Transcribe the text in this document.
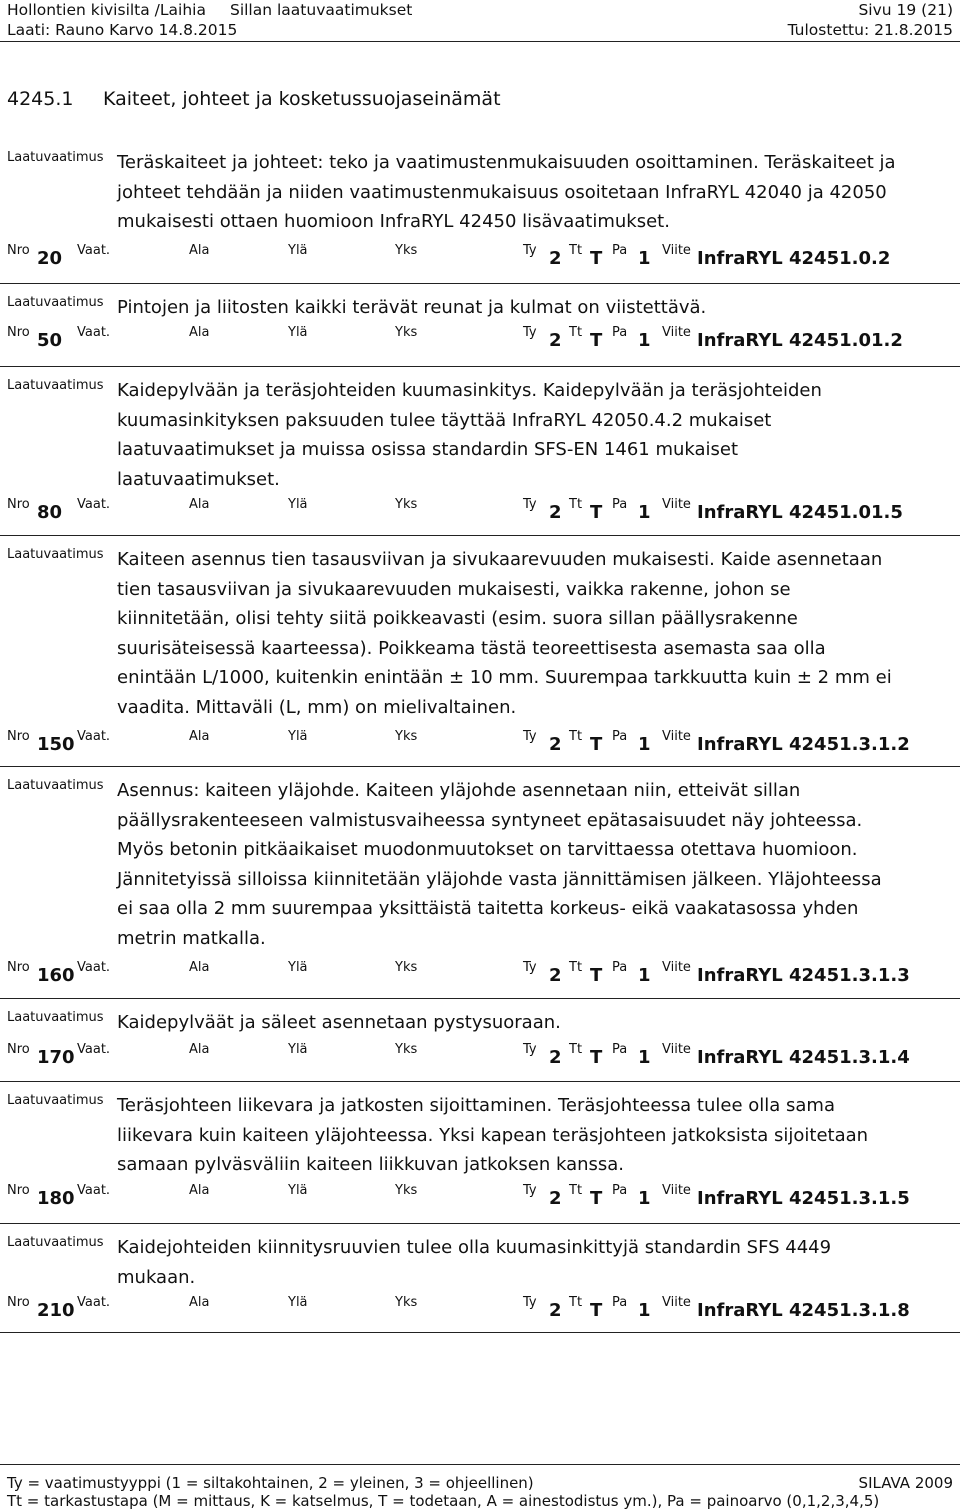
Hollontien kivisilta /Laihia Sillan laatuvaatimukset	Sivu 19 (21)
Laati: Rauno Karvo 14.8.2015	Tulostettu: 21.8.2015
4245.1 Kaiteet, johteet ja kosketussuojaseinämät
Laatuvaatimus Teräskaiteet ja johteet: teko ja vaatimustenmukaisuuden osoittaminen. Teräskaiteet ja
johteet tehdään ja niiden vaatimustenmukaisuus osoitetaan InfraRYL 42040 ja 42050
mukaisesti ottaen huomioon InfraRYL 42450 lisävaatimukset.
Nro 20 Vaat.	Ala	Ylä	Yks	Ty 2 Tt T Pa 1 Viite InfraRYL 42451.0.2
Laatuvaatimus Pintojen ja liitosten kaikki terävät reunat ja kulmat on viistettävä.
Nro 50 Vaat.	Ala	Ylä	Yks	Ty 2 Tt T Pa 1 Viite InfraRYL 42451.01.2
Laatuvaatimus Kaidepylvään ja teräsjohteiden kuumasinkitys. Kaidepylvään ja teräsjohteiden
kuumasinkityksen paksuuden tulee täyttää InfraRYL 42050.4.2 mukaiset
laatuvaatimukset ja muissa osissa standardin SFS-EN 1461 mukaiset
laatuvaatimukset.
Nro 80 Vaat.	Ala	Ylä	Yks	Ty 2 Tt T Pa 1 Viite InfraRYL 42451.01.5
Laatuvaatimus Kaiteen asennus tien tasausviivan ja sivukaarevuuden mukaisesti. Kaide asennetaan
tien tasausviivan ja sivukaarevuuden mukaisesti, vaikka rakenne, johon se
kiinnitetään, olisi tehty siitä poikkeavasti (esim. suora sillan päällysrakenne
suurisäteisessä kaarteessa). Poikkeama tästä teoreettisesta asemasta saa olla
enintään L/1000, kuitenkin enintään ± 10 mm. Suurempaa tarkkuutta kuin ± 2 mm ei
vaadita. Mittaväli (L, mm) on mielivaltainen.
Nro 150 Vaat.	Ala	Ylä	Yks	Ty 2 Tt T Pa 1 Viite InfraRYL 42451.3.1.2
Laatuvaatimus Asennus: kaiteen yläjohde. Kaiteen yläjohde asennetaan niin, etteivät sillan
päällysrakenteeseen valmistusvaiheessa syntyneet epätasaisuudet näy johteessa.
Myös betonin pitkäaikaiset muodonmuutokset on tarvittaessa otettava huomioon.
Jännitetyissä silloissa kiinnitetään yläjohde vasta jännittämisen jälkeen. Yläjohteessa
ei saa olla 2 mm suurempaa yksittäistä taitetta korkeus- eikä vaakatasossa yhden
metrin matkalla.
Nro 160 Vaat.	Ala	Ylä	Yks	Ty 2 Tt T Pa 1 Viite InfraRYL 42451.3.1.3
Laatuvaatimus Kaidepylväät ja säleet asennetaan pystysuoraan.
Nro 170 Vaat.	Ala	Ylä	Yks	Ty 2 Tt T Pa 1 Viite InfraRYL 42451.3.1.4
Laatuvaatimus Teräsjohteen liikevara ja jatkosten sijoittaminen. Teräsjohteessa tulee olla sama
liikevara kuin kaiteen yläjohteessa. Yksi kapean teräsjohteen jatkoksista sijoitetaan
samaan pylväsväliin kaiteen liikkuvan jatkoksen kanssa.
Nro 180 Vaat.	Ala	Ylä	Yks	Ty 2 Tt T Pa 1 Viite InfraRYL 42451.3.1.5
Laatuvaatimus Kaidejohteiden kiinnitysruuvien tulee olla kuumasinkittyjä standardin SFS 4449
mukaan.
Nro 210 Vaat.	Ala	Ylä	Yks	Ty 2 Tt T Pa 1 Viite InfraRYL 42451.3.1.8
Ty = vaatimustyyppi (1 = siltakohtainen, 2 = yleinen, 3 = ohjeellinen)	SILAVA 2009
Tt = tarkastustapa (M = mittaus, K = katselmus, T = todetaan, A = ainestodistus ym.), Pa = painoarvo (0,1,2,3,4,5)
